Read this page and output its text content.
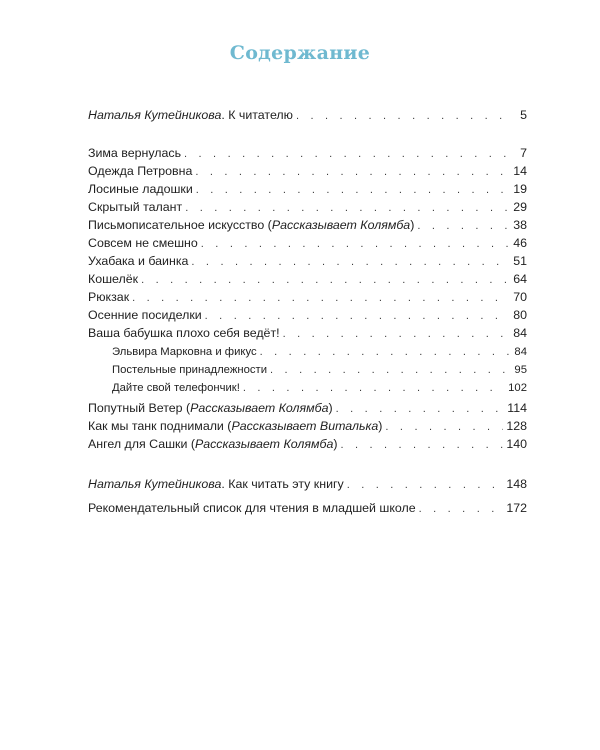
Содержание
Наталья Кутейникова. К читателю . . .	5
Зима вернулась . . .	7
Одежда Петровна . . .	14
Лосиные ладошки . . .	19
Скрытый талант . . .	29
Письмописательное искусство (Рассказывает Колямба) . . .	38
Совсем не смешно . . .	46
Ухабака и баинка . . .	51
Кошелёк . . .	64
Рюкзак . . .	70
Осенние посиделки . . .	80
Ваша бабушка плохо себя ведёт! . . .	84
Эльвира Марковна и фикус . . .	84
Постельные принадлежности . . .	95
Дайте свой телефончик! . . .	102
Попутный Ветер (Рассказывает Колямба) . . .	114
Как мы танк поднимали (Рассказывает Виталька) . . .	128
Ангел для Сашки (Рассказывает Колямба) . . .	140
Наталья Кутейникова. Как читать эту книгу . . .	148
Рекомендательный список для чтения в младшей школе . . .	172
